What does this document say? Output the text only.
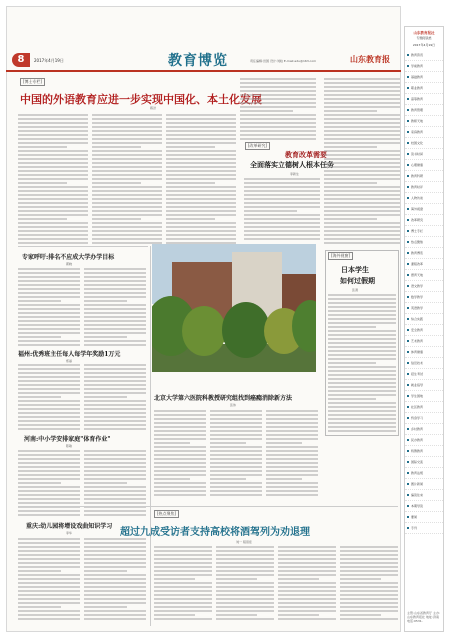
8	2017年4月19日	教育博览	责任编辑:田园 设计:刘晗 E-mail:edu@163.com	山东教育报
[博士专栏]
中国的外语教育应进一步实现中国化、本土化发展
蒋洪
[改革研究]
教育改革需要
全面落实立德树人根本任务
李新生
专家呼吁:排名不应成大学办学目标
郭晓
福州:优秀班主任每人每学年奖励1万元
郑丽
河南:中小学安排家庭"体育作业"
陈敏
重庆:幼儿园将增设戏曲知识学习
李华
北京大学第六医院科教授研究组找到癌瘾消除新方法
张伟
[海外视窗]
日本学生
如何过假期
张清
[热点聚焦]
超过九成受访者支持高校将酒驾列为劝退理
刘一 程思佳
山东教育报社
专题阅读类
2017年4月19日
教育资讯
学前教育
基础教育
职业教育
高等教育
教育管理
教师天地
家庭教育
校园文化
读书时间
心理健康
教育科研
教育时评
人物访谈
海外视窗
改革研究
博士专栏
热点聚焦
教育博览
课程改革
德育天地
语文教学
数学教学
英语教学
综合实践
安全教育
艺术教育
体育健康
信息技术
招生考试
就业指导
学生园地
社区教育
终身学习
乡村教育
民办教育
特殊教育
国际交流
教育法规
图片新闻
编读往来
本期导读
要闻
专刊
主管:山东省教育厅 主办:山东教育报社 地址:济南 电话:0531-
